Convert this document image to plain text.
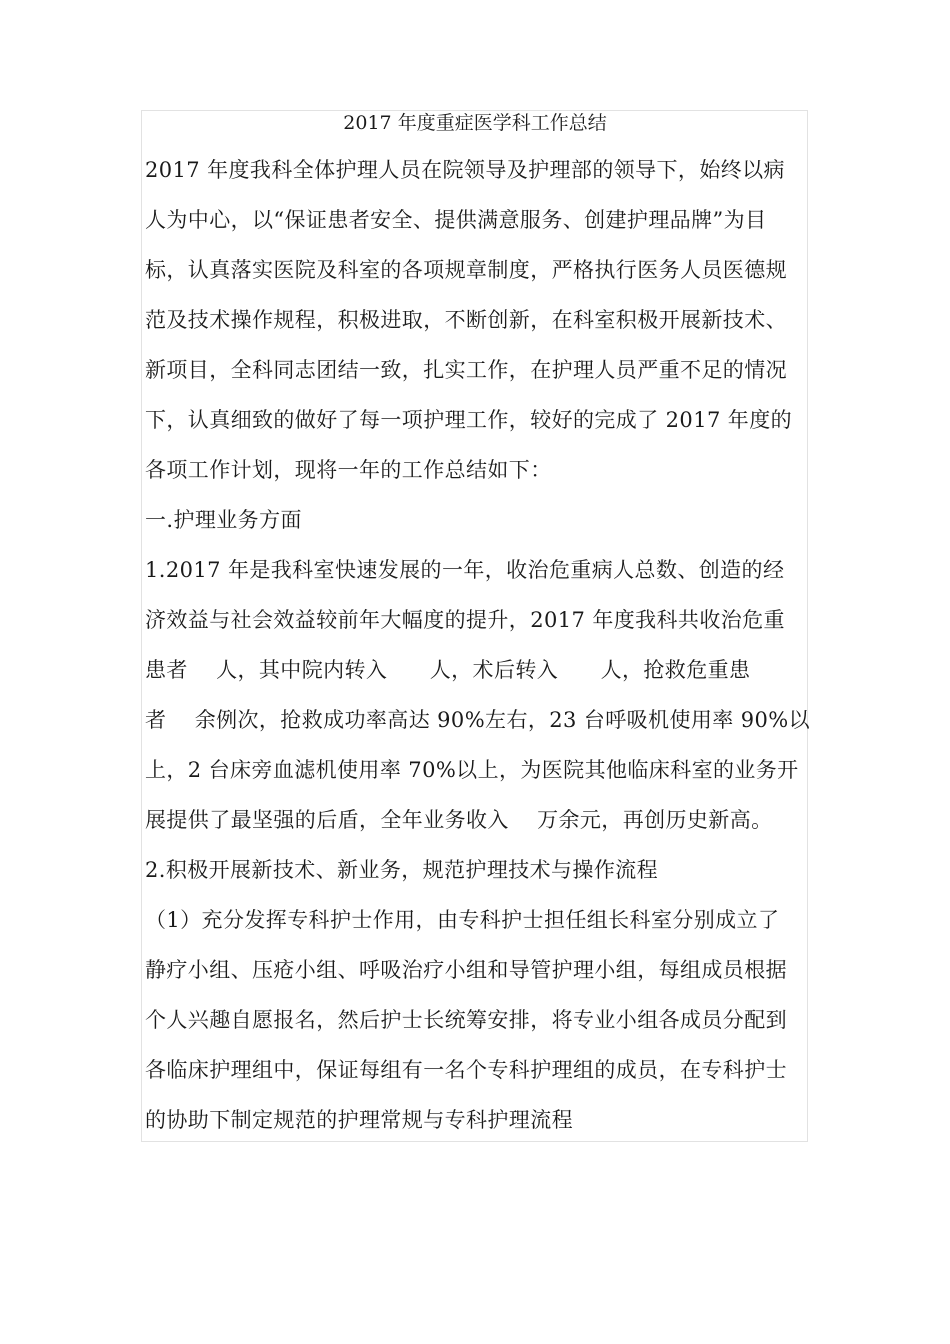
2017 年度重症医学科工作总结
2017 年度我科全体护理人员在院领导及护理部的领导下，始终以病
人为中心，以“保证患者安全、提供满意服务、创建护理品牌”为目
标，认真落实医院及科室的各项规章制度，严格执行医务人员医德规
范及技术操作规程，积极进取，不断创新，在科室积极开展新技术、
新项目，全科同志团结一致，扎实工作，在护理人员严重不足的情况
下，认真细致的做好了每一项护理工作，较好的完成了 2017 年度的
各项工作计划，现将一年的工作总结如下：
一.护理业务方面
1.2017 年是我科室快速发展的一年，收治危重病人总数、创造的经
济效益与社会效益较前年大幅度的提升，2017 年度我科共收治危重
患者    人，其中院内转入      人，术后转入      人，抢救危重患
者    余例次，抢救成功率高达 90%左右，23 台呼吸机使用率 90%以
上，2 台床旁血滤机使用率 70%以上，为医院其他临床科室的业务开
展提供了最坚强的后盾，全年业务收入    万余元，再创历史新高。
2.积极开展新技术、新业务，规范护理技术与操作流程
（1）充分发挥专科护士作用，由专科护士担任组长科室分别成立了
静疗小组、压疮小组、呼吸治疗小组和导管护理小组，每组成员根据
个人兴趣自愿报名，然后护士长统筹安排，将专业小组各成员分配到
各临床护理组中，保证每组有一名个专科护理组的成员，在专科护士
的协助下制定规范的护理常规与专科护理流程
